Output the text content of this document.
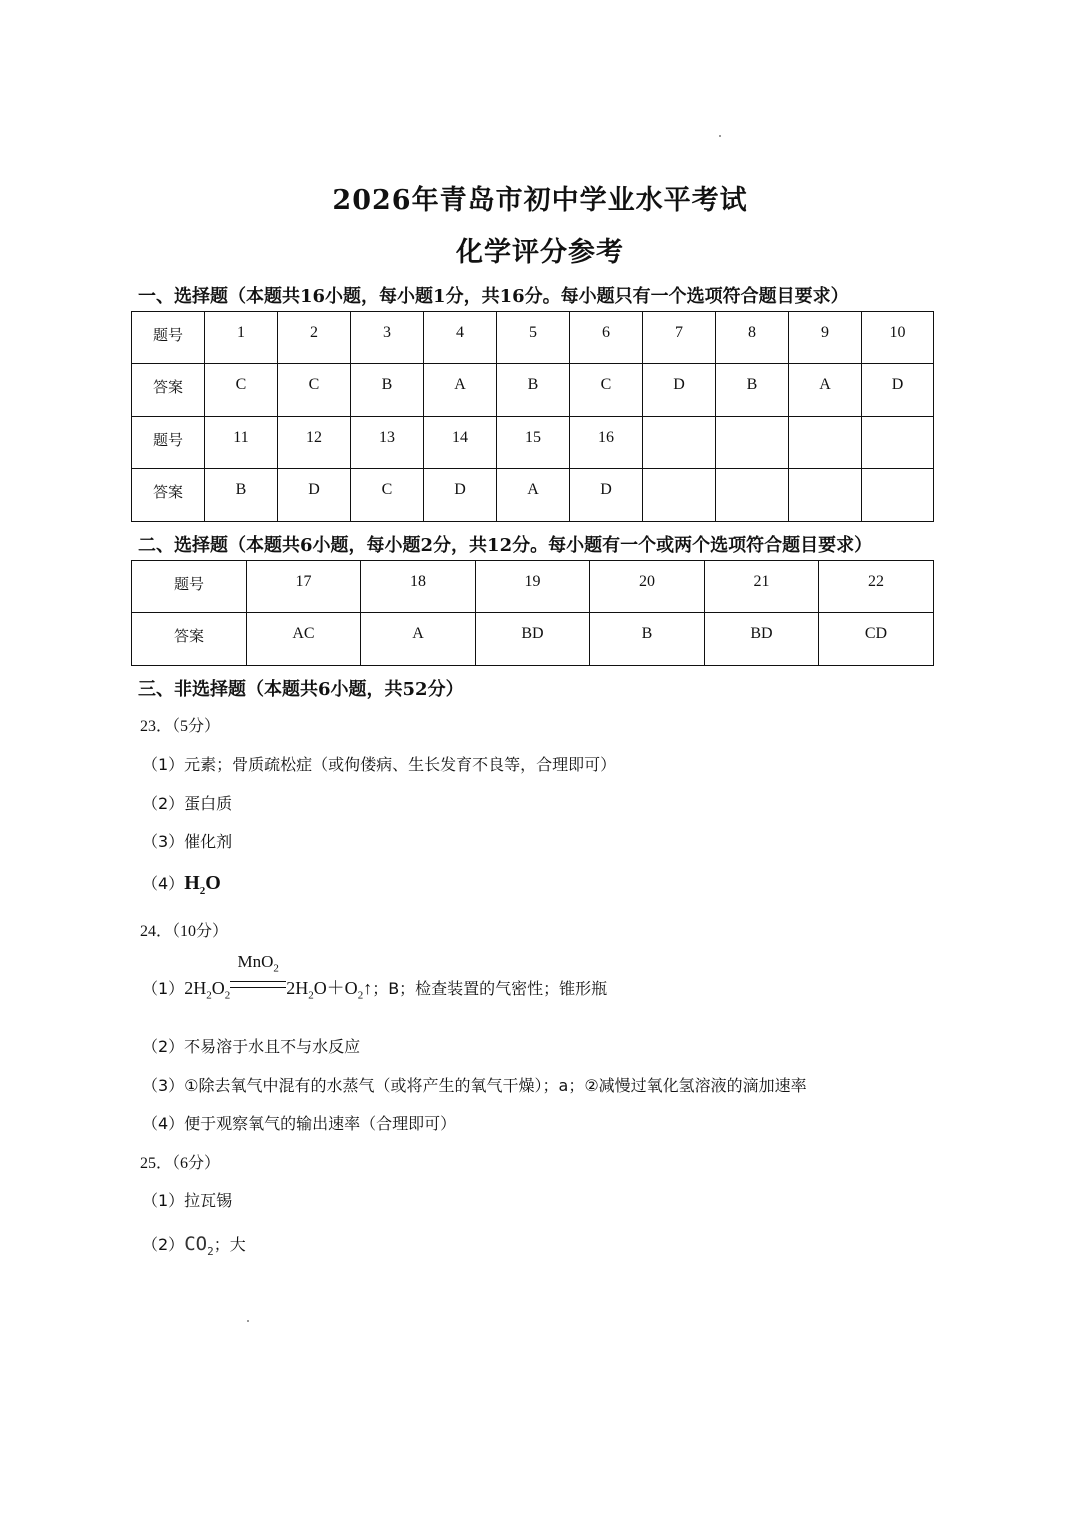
2026年青岛市初中学业水平考试
化学评分参考
一、选择题（本题共16小题，每小题1分，共16分。每小题只有一个选项符合题目要求）
题号	1	2	3	4	5	6	7	8	9	10
答案	C	C	B	A	B	C	D	B	A	D
题号	11	12	13	14	15	16				
答案	B	D	C	D	A	D				
二、选择题（本题共6小题，每小题2分，共12分。每小题有一个或两个选项符合题目要求）
题号	17	18	19	20	21	22
答案	AC	A	BD	B	BD	CD
三、非选择题（本题共6小题，共52分）
23．（5分）
（1）元素；骨质疏松症（或佝偻病、生长发育不良等，合理即可）
（2）蛋白质
（3）催化剂
$(4)H_2O$
24．（10分）
$(1)2H_2O_2$
MnO$_2$
$2H_2O+O_2↑$；B；检查装置的气密性；锥形瓶
（2）不易溶于水且不与水反应
（3）①除去氧气中混有的水蒸气（或将产生的氧气干燥）；a；②减慢过氧化氢溶液的滴加速率
（4）便于观察氧气的输出速率（合理即可）
25．（6分）
（1）拉瓦锡
$(2)CO_2$；大
